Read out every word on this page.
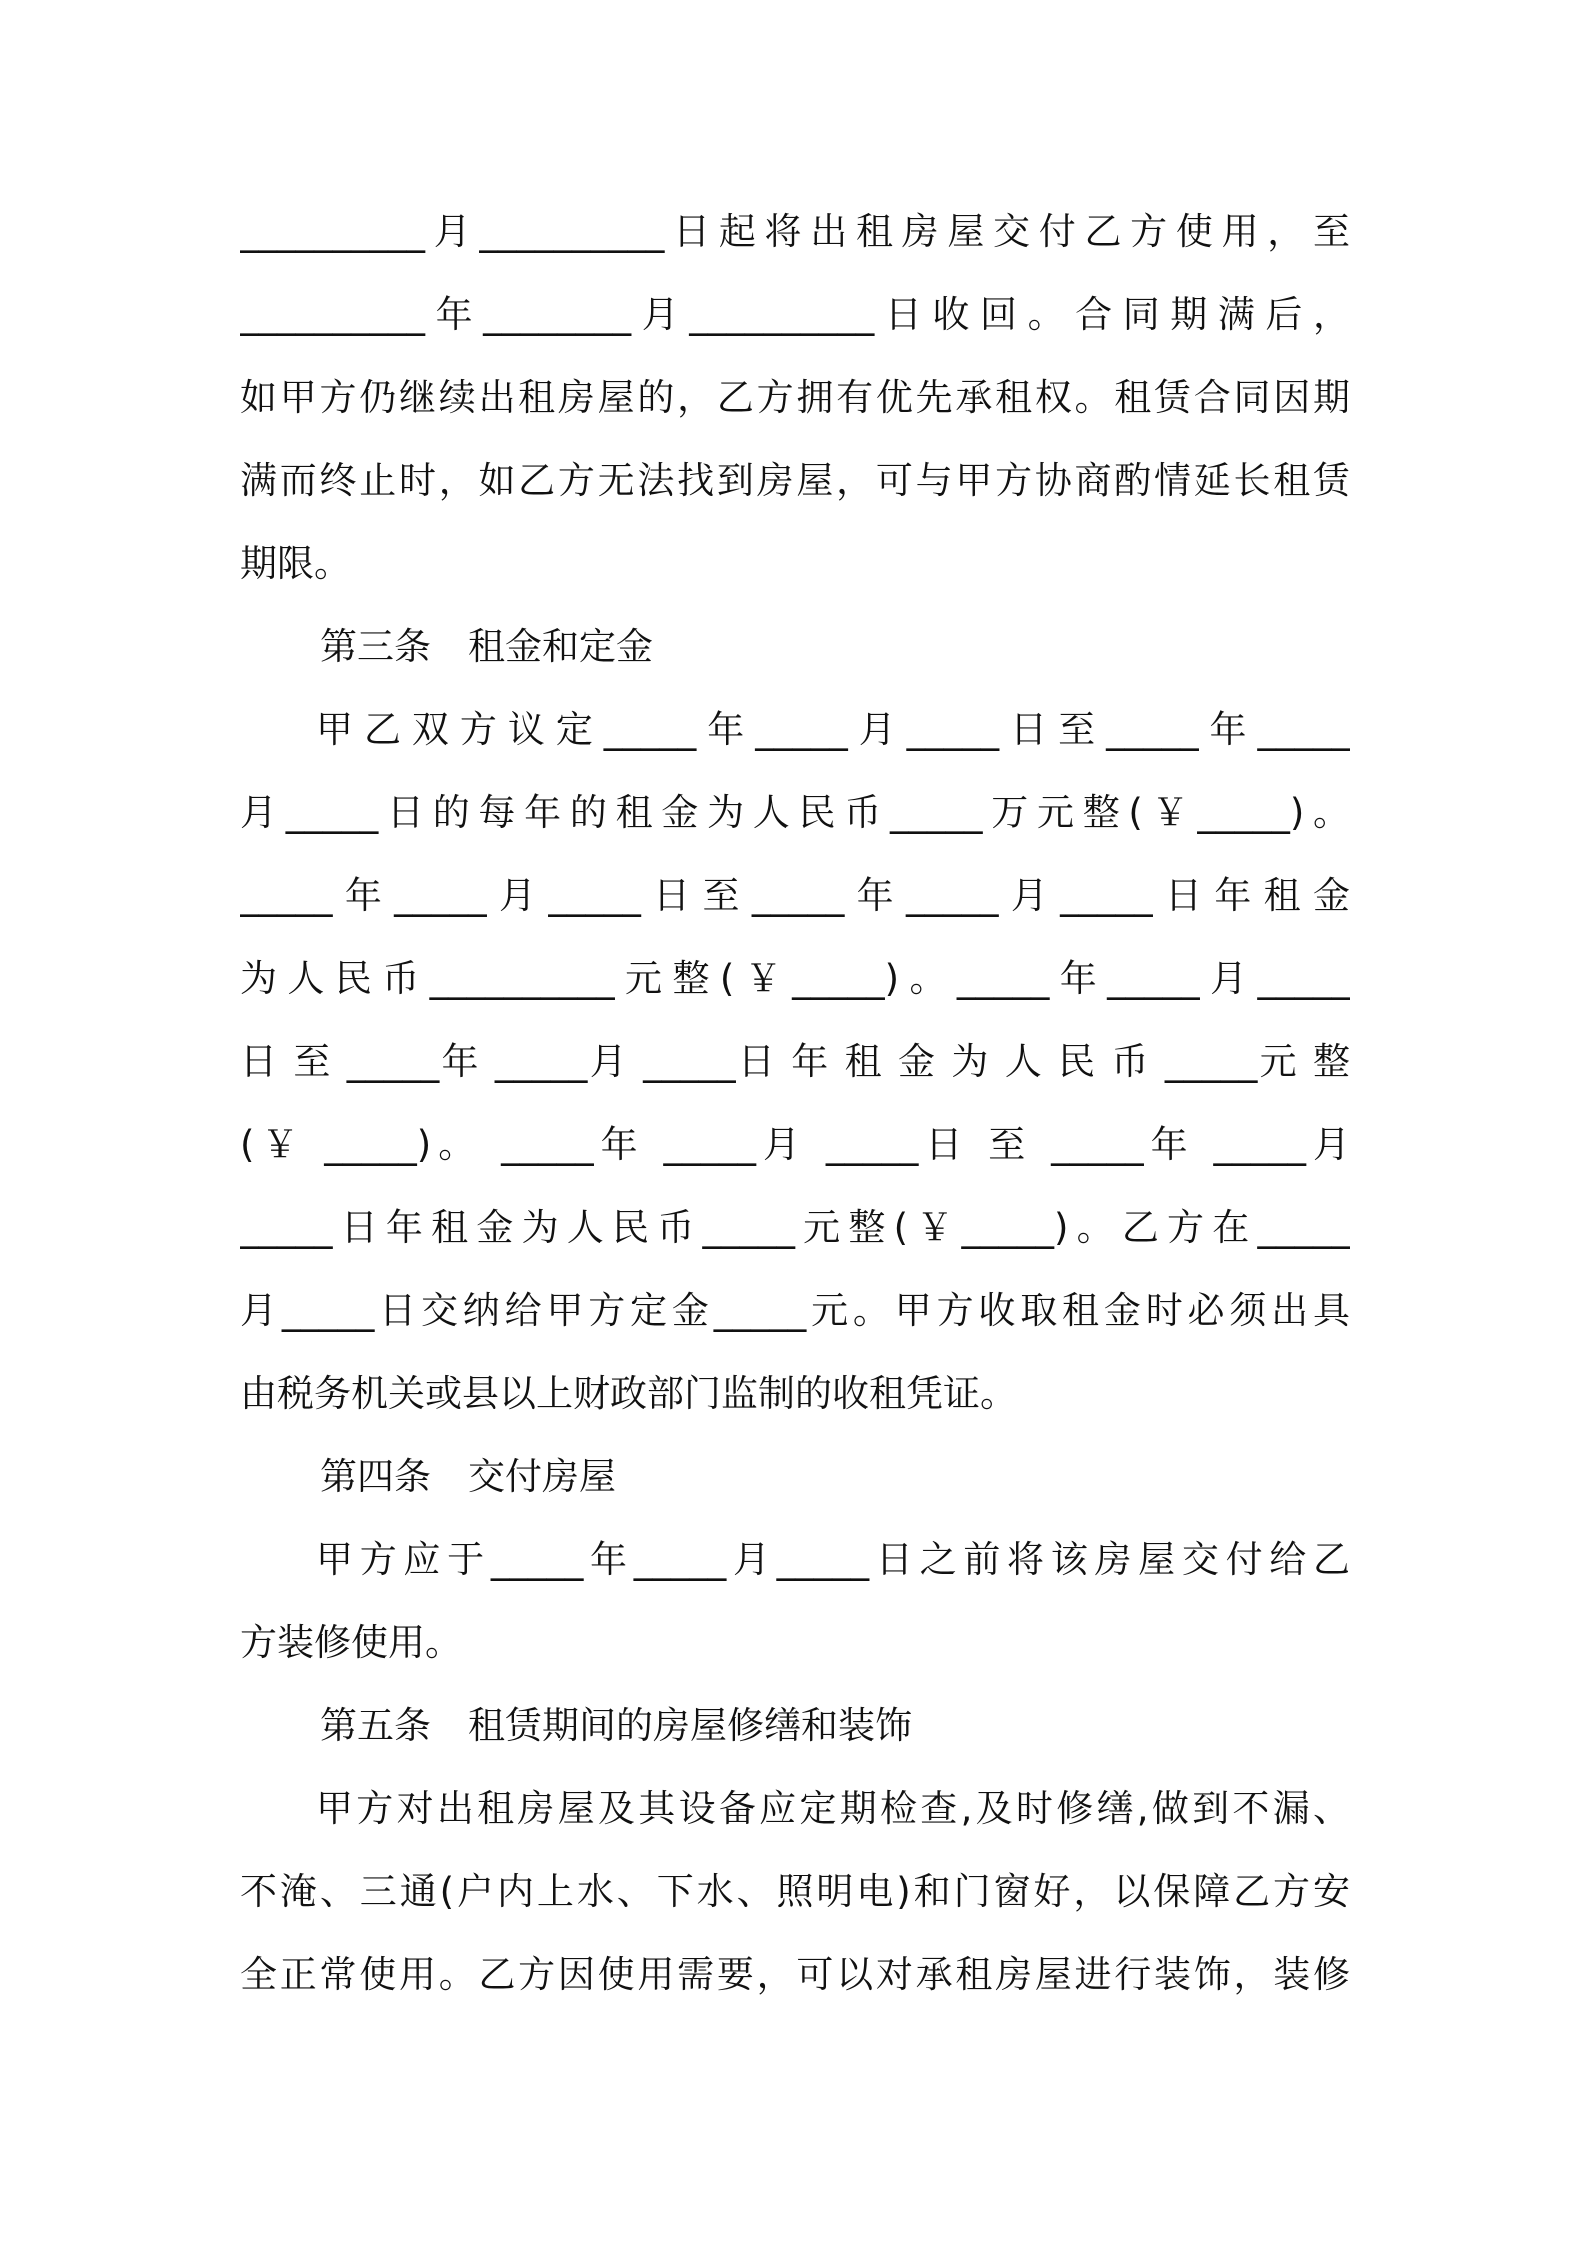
__________月__________日起将出租房屋交付乙方使用，至
__________年________月__________日收回。合同期满后，
如甲方仍继续出租房屋的，乙方拥有优先承租权。租赁合同因期
满而终止时，如乙方无法找到房屋，可与甲方协商酌情延长租赁
期限。
第三条　租金和定金
甲乙双方议定_____年_____月_____日至_____年_____
月_____日的每年的租金为人民币_____万元整(￥_____)。
_____年_____月_____日至_____年_____月_____日年租金
为人民币__________元整(￥_____)。_____年_____月_____
日 至 _____年 _____月 _____日 年 租 金 为 人 民 币 _____元 整
(￥ _____)。 _____年 _____月 _____日 至 _____年 _____月
_____日年租金为人民币_____元整(￥_____)。乙方在_____
月_____日交纳给甲方定金_____元。甲方收取租金时必须出具
由税务机关或县以上财政部门监制的收租凭证。
第四条　交付房屋
甲方应于_____年_____月_____日之前将该房屋交付给乙
方装修使用。
第五条　租赁期间的房屋修缮和装饰
甲方对出租房屋及其设备应定期检查,及时修缮,做到不漏、
不淹、三通(户内上水、下水、照明电)和门窗好，以保障乙方安
全正常使用。乙方因使用需要，可以对承租房屋进行装饰，装修
